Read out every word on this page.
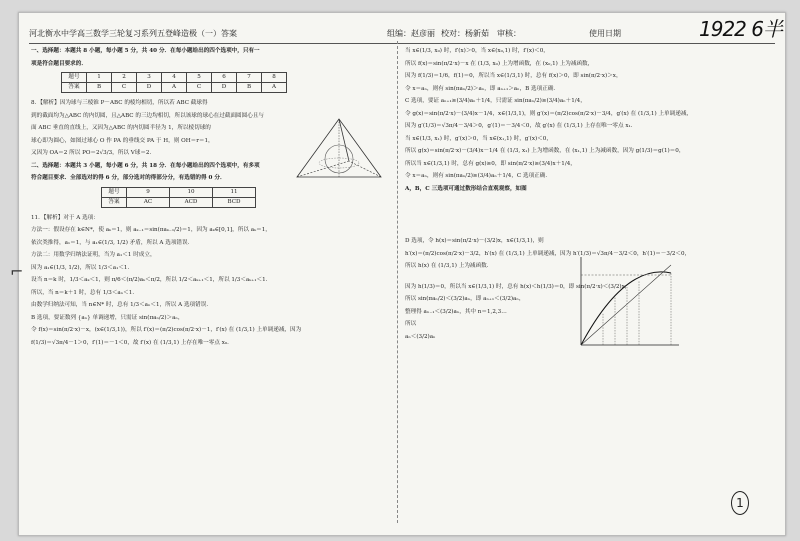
河北衡水中学高三数学三轮复习系列五登峰造极（一）答案	组编：赵彦丽 校对：杨新茹 审核：	使用日期	1922 6半

一、选择题：本题共 8 小题，每小题 5 分，共 40 分．在每小题给出的四个选项中，只有一

项是符合题目要求的．

题号	1	2	3	4	5	6	7	8
答案	B	C	D	A	C	D	B	A

8．【解析】因为球与三棱锥 P－ABC 的棱均相切，所以若 ABC 截球得

到的截面均为△ABC 的内切圆，且△ABC 的三边均相切，所以该球的球心在过截面圆圆心且与

面 ABC 垂直的直线上，又因为△ABC 的内切圆半径为 1，所以棱切球的

球心即为圆心，如图过球心 O 作 PA 的垂线交 PA 于 H，则 OH＝r＝1，

又因为 OA＝2 所以 PO＝2√3/3，所以 V球＝2．

二、选择题：本题共 3 小题，每小题 6 分，共 18 分．在每小题给出的四个选项中，有多项

符合题目要求．全部选对的得 6 分，部分选对的得部分分，有选错的得 0 分．

题号	9	10	11
答案	AC	ACD	BCD

11．【解析】对于 A 选项：

方法一：假设存在 k∈N*，使 aₖ＝1，则 aₖ₋₁＝sin(πaₖ₋₁/2)＝1，因为 aₖ∈[0,1]，所以 aₖ＝1，

依次类推得，a₁＝1，与 a₁∈(1/3, 1/2) 矛盾，所以 A 选项错误．

方法二：用数学归纳法证明，当为 a₁＜1 时成立，

因为 a₁∈(1/3, 1/2)，所以 1/3＜a₁＜1．

设当 n＝k 时，1/3＜aₖ＜1，则 π/6＜(π/2)aₖ＜π/2，所以 1/2＜aₖ₊₁＜1，所以 1/3＜aₖ₊₁＜1．

所以，当 n＝k＋1 时，总有 1/3＜aₙ＜1．

由数学归纳法可知，当 n∈N* 时，总有 1/3＜aₙ＜1，所以 A 选项错误．

B 选项，要证数列 {aₙ} 单调递增，只需证 sin(πaₙ/2)＞aₙ，

令 f(x)＝sin(π/2·x)－x，(x∈(1/3,1))，所以 f′(x)＝(π/2)cos(π/2·x)－1，f′(x) 在 (1/3,1) 上单调递减，因为

f(1/3)＝√3π/4－1＞0，f′(1)＝－1＜0，故 f′(x) 在 (1/3,1) 上存在唯一零点 x₀．

当 x∈(1/3, x₀) 时，f′(x)＞0，当 x∈(x₀,1) 时，f′(x)＜0，

所以 f(x)＝sin(π/2·x)－x 在 (1/3, x₀) 上为增函数，在 (x₀,1) 上为减函数，

因为 f(1/3)＝1/6，f(1)＝0，所以当 x∈(1/3,1) 时，总有 f(x)＞0，即 sin(π/2·x)＞x，

令 x＝aₙ，则有 sin(πaₙ/2)＞aₙ，即 aₙ₊₁＞aₙ，B 选项正确．

C 选项，要证 aₙ₊₁≥(3/4)aₙ＋1/4，只需证 sin(πaₙ/2)≥(3/4)aₙ＋1/4，

令 g(x)＝sin(π/2·x)－(3/4)x－1/4，x∈(1/3,1)，则 g′(x)＝(π/2)cos(π/2·x)－3/4，g′(x) 在 (1/3,1) 上单调递减，

因为 g′(1/3)＝√3π/4－3/4＞0，g′(1)＝－3/4＜0，故 g′(x) 在 (1/3,1) 上存在唯一零点 x₁．

当 x∈(1/3, x₁) 时，g′(x)＞0，当 x∈(x₁,1) 时，g′(x)＜0，

所以 g(x)＝sin(π/2·x)－(3/4)x－1/4 在 (1/3, x₁) 上为增函数，在 (x₁,1) 上为减函数，因为 g(1/3)＝g(1)＝0，

所以当 x∈(1/3,1) 时，总有 g(x)≥0，即 sin(π/2·x)≥(3/4)x＋1/4，

令 x＝aₙ，则有 sin(πaₙ/2)≥(3/4)aₙ＋1/4，C 选项正确．

A，B，C 三选项可通过数形结合直观观察，如图

D 选项，令 h(x)＝sin(π/2·x)－(3/2)x，x∈(1/3,1)，则

h′(x)＝(π/2)cos(π/2·x)－3/2，h′(x) 在 (1/3,1) 上单调递减，因为 h′(1/3)＝√3π/4－3/2＜0，h′(1)＝－3/2＜0，

所以 h(x) 在 (1/3,1) 上为减函数．

因为 h(1/3)＝0，所以当 x∈(1/3,1) 时，总有 h(x)＜h(1/3)＝0，即 sin(π/2·x)＜(3/2)x，

所以 sin(πaₙ/2)＜(3/2)aₙ，即 aₙ₊₁＜(3/2)aₙ，

整理得 aₙ₋₁＜(3/2)aₙ，其中 n＝1,2,3…

所以

aₙ＜(3/2)aₙ

1
⌐
